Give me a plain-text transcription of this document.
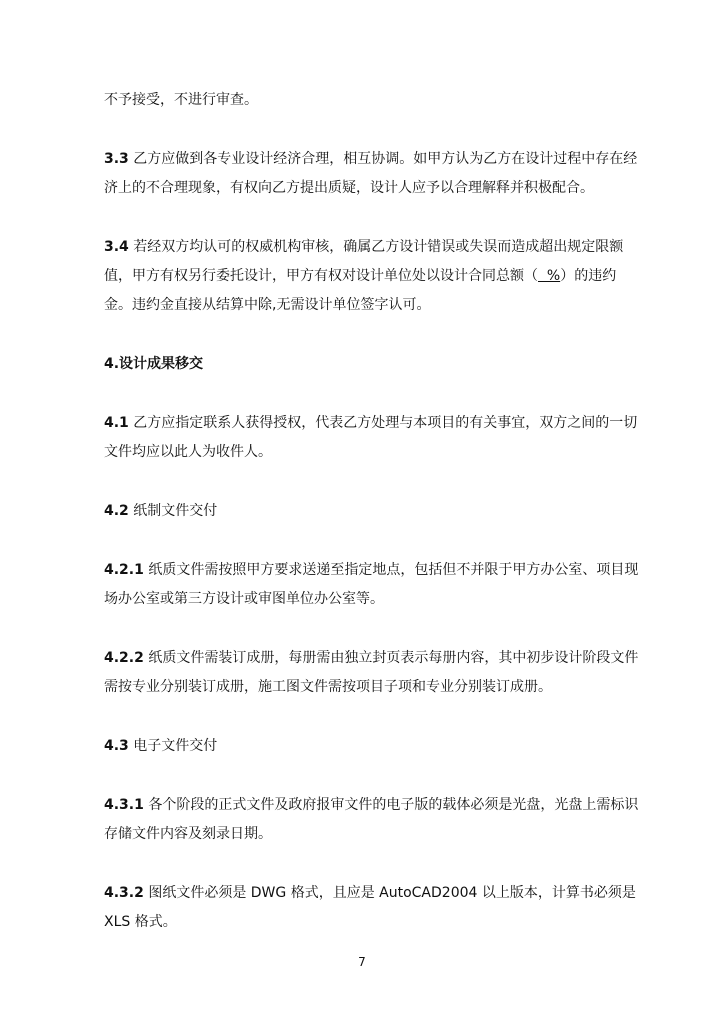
不予接受，不进行审查。

3.3 乙方应做到各专业设计经济合理，相互协调。如甲方认为乙方在设计过程中存在经济上的不合理现象，有权向乙方提出质疑，设计人应予以合理解释并积极配合。

3.4 若经双方均认可的权威机构审核，确属乙方设计错误或失误而造成超出规定限额值，甲方有权另行委托设计，甲方有权对设计单位处以设计合同总额（  %）的违约金。违约金直接从结算中除,无需设计单位签字认可。

4.设计成果移交

4.1 乙方应指定联系人获得授权，代表乙方处理与本项目的有关事宜，双方之间的一切文件均应以此人为收件人。

4.2 纸制文件交付

4.2.1 纸质文件需按照甲方要求送递至指定地点，包括但不并限于甲方办公室、项目现场办公室或第三方设计或审图单位办公室等。

4.2.2 纸质文件需装订成册，每册需由独立封页表示每册内容，其中初步设计阶段文件需按专业分别装订成册，施工图文件需按项目子项和专业分别装订成册。

4.3 电子文件交付

4.3.1 各个阶段的正式文件及政府报审文件的电子版的载体必须是光盘，光盘上需标识存储文件内容及刻录日期。

4.3.2 图纸文件必须是 DWG 格式，且应是 AutoCAD2004 以上版本，计算书必须是 XLS 格式。

7
